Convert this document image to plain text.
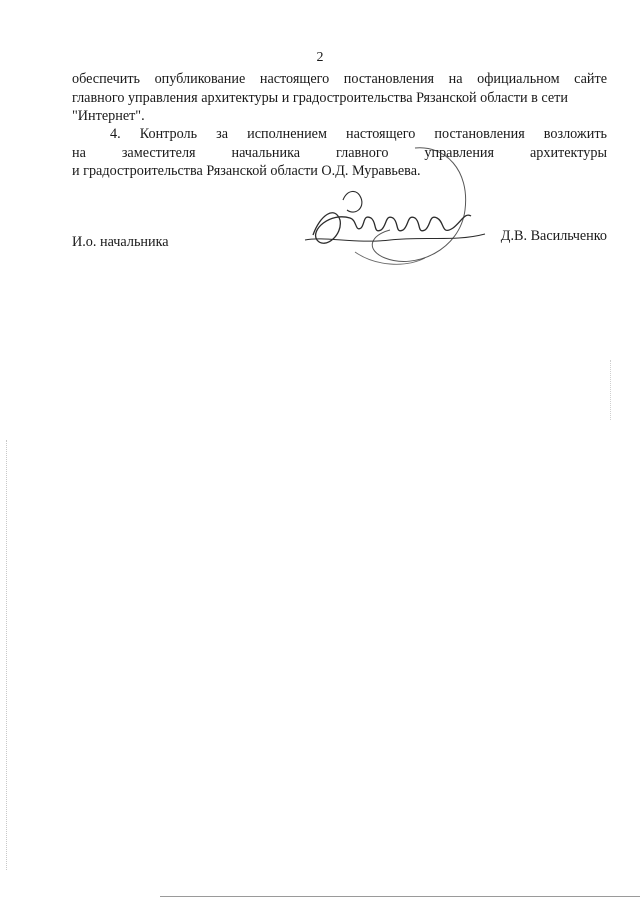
2
обеспечить опубликование настоящего постановления на официальном сайте
главного управления архитектуры и градостроительства Рязанской области в сети
"Интернет".
4. Контроль за исполнением настоящего постановления возложить
на заместителя начальника главного управления архитектуры
и градостроительства Рязанской области О.Д. Муравьева.
И.о. начальника	Д.В. Васильченко
